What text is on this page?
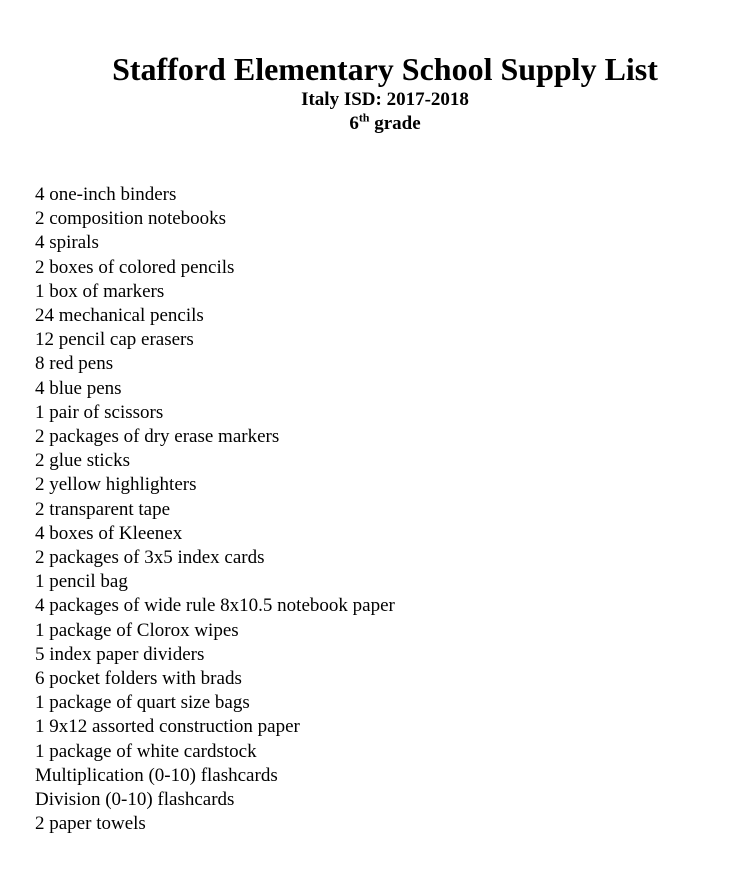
Stafford Elementary School Supply List
Italy ISD: 2017-2018
6th grade
4 one-inch binders
2 composition notebooks
4 spirals
2 boxes of colored pencils
1 box of markers
24 mechanical pencils
12 pencil cap erasers
8 red pens
4 blue pens
1 pair of scissors
2 packages of dry erase markers
2 glue sticks
2 yellow highlighters
2 transparent tape
4 boxes of Kleenex
2 packages of 3x5 index cards
1 pencil bag
4 packages of wide rule 8x10.5 notebook paper
1 package of Clorox wipes
5 index paper dividers
6 pocket folders with brads
1 package of quart size bags
1 9x12 assorted construction paper
1 package of white cardstock
Multiplication (0-10) flashcards
Division (0-10) flashcards
2 paper towels
